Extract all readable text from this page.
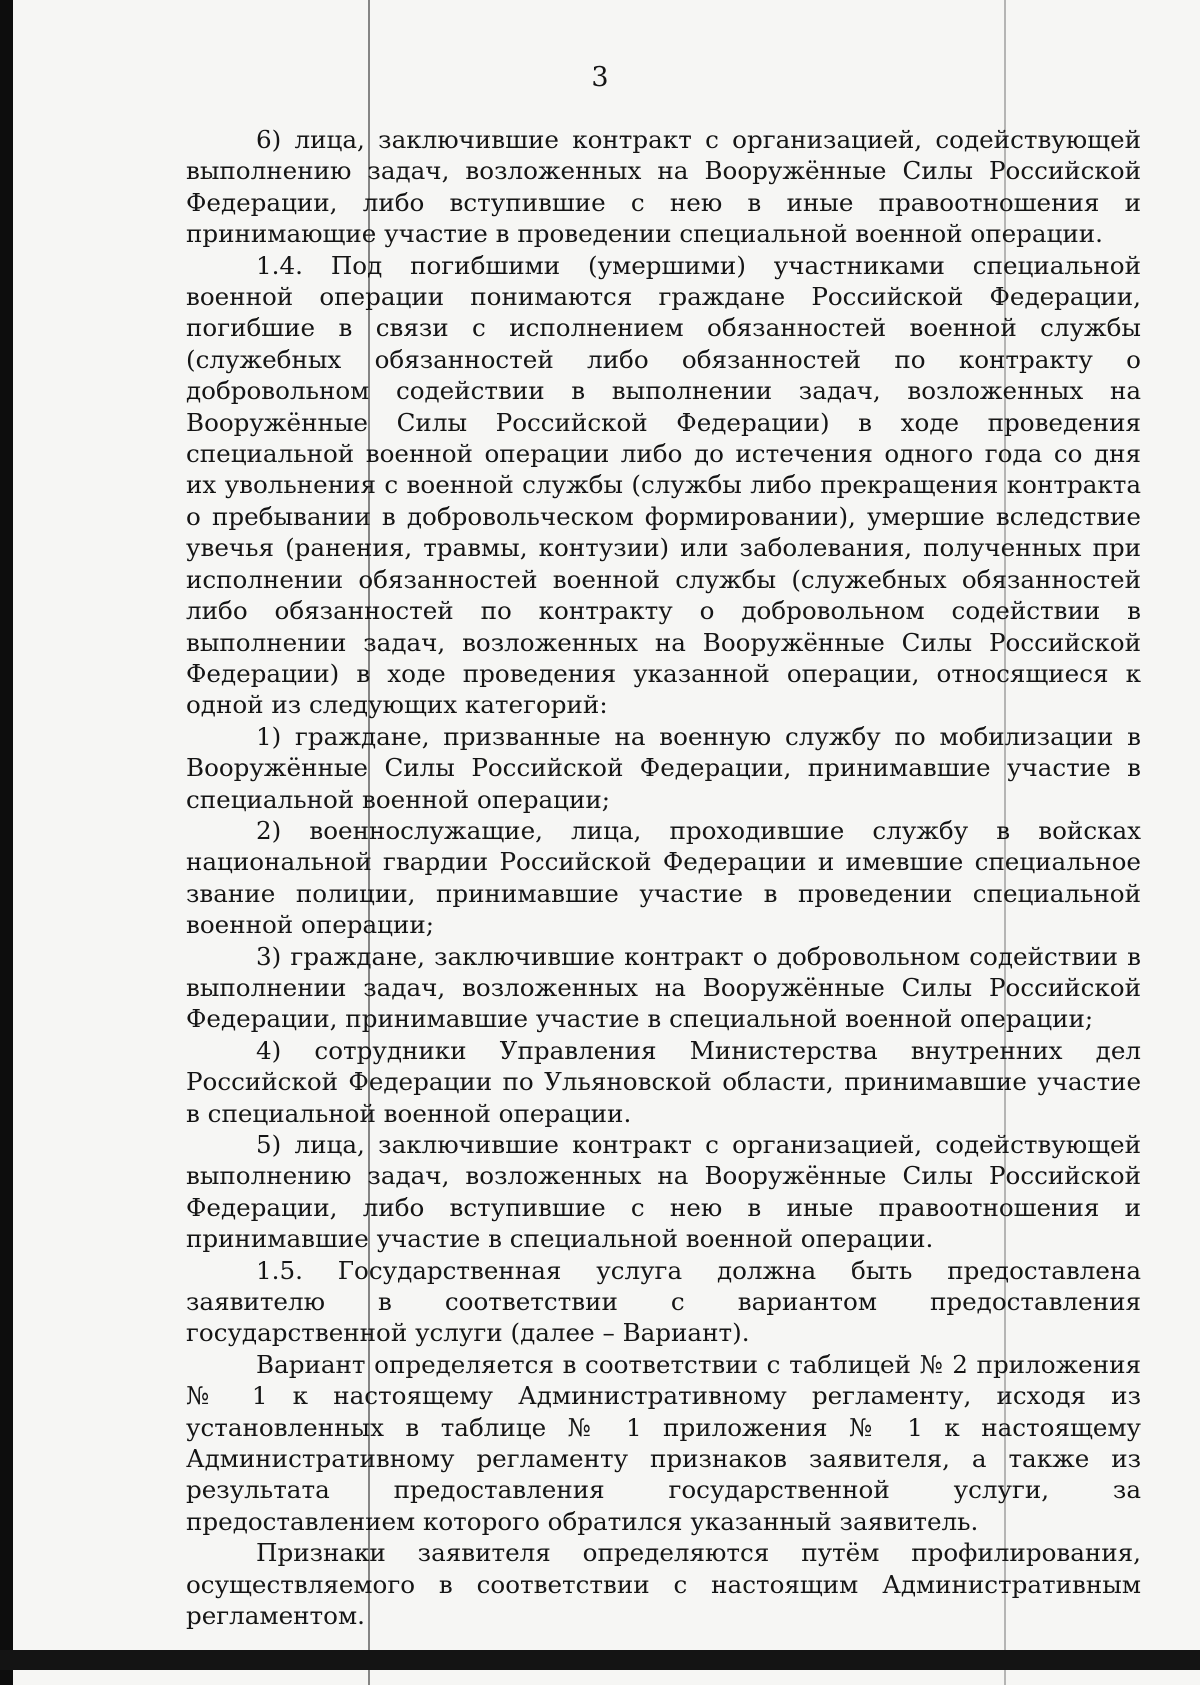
3

6) лица, заключившие контракт с организацией, содействующей выполнению задач, возложенных на Вооружённые Силы Российской Федерации, либо вступившие с нею в иные правоотношения и принимающие участие в проведении специальной военной операции.

1.4. Под погибшими (умершими) участниками специальной военной операции понимаются граждане Российской Федерации, погибшие в связи с исполнением обязанностей военной службы (служебных обязанностей либо обязанностей по контракту о добровольном содействии в выполнении задач, возложенных на Вооружённые Силы Российской Федерации) в ходе проведения специальной военной операции либо до истечения одного года со дня их увольнения с военной службы (службы либо прекращения контракта о пребывании в добровольческом формировании), умершие вследствие увечья (ранения, травмы, контузии) или заболевания, полученных при исполнении обязанностей военной службы (служебных обязанностей либо обязанностей по контракту о добровольном содействии в выполнении задач, возложенных на Вооружённые Силы Российской Федерации) в ходе проведения указанной операции, относящиеся к одной из следующих категорий:

1) граждане, призванные на военную службу по мобилизации в Вооружённые Силы Российской Федерации, принимавшие участие в специальной военной операции;

2) военнослужащие, лица, проходившие службу в войсках национальной гвардии Российской Федерации и имевшие специальное звание полиции, принимавшие участие в проведении специальной военной операции;

3) граждане, заключившие контракт о добровольном содействии в выполнении задач, возложенных на Вооружённые Силы Российской Федерации, принимавшие участие в специальной военной операции;

4) сотрудники Управления Министерства внутренних дел Российской Федерации по Ульяновской области, принимавшие участие в специальной военной операции.

5) лица, заключившие контракт с организацией, содействующей выполнению задач, возложенных на Вооружённые Силы Российской Федерации, либо вступившие с нею в иные правоотношения и принимавшие участие в специальной военной операции.

1.5. Государственная услуга должна быть предоставлена заявителю в соответствии с вариантом предоставления государственной услуги (далее – Вариант).

Вариант определяется в соответствии с таблицей № 2 приложения № 1 к настоящему Административному регламенту, исходя из установленных в таблице № 1 приложения № 1 к настоящему Административному регламенту признаков заявителя, а также из результата предоставления государственной услуги, за предоставлением которого обратился указанный заявитель.

Признаки заявителя определяются путём профилирования, осуществляемого в соответствии с настоящим Административным регламентом.
